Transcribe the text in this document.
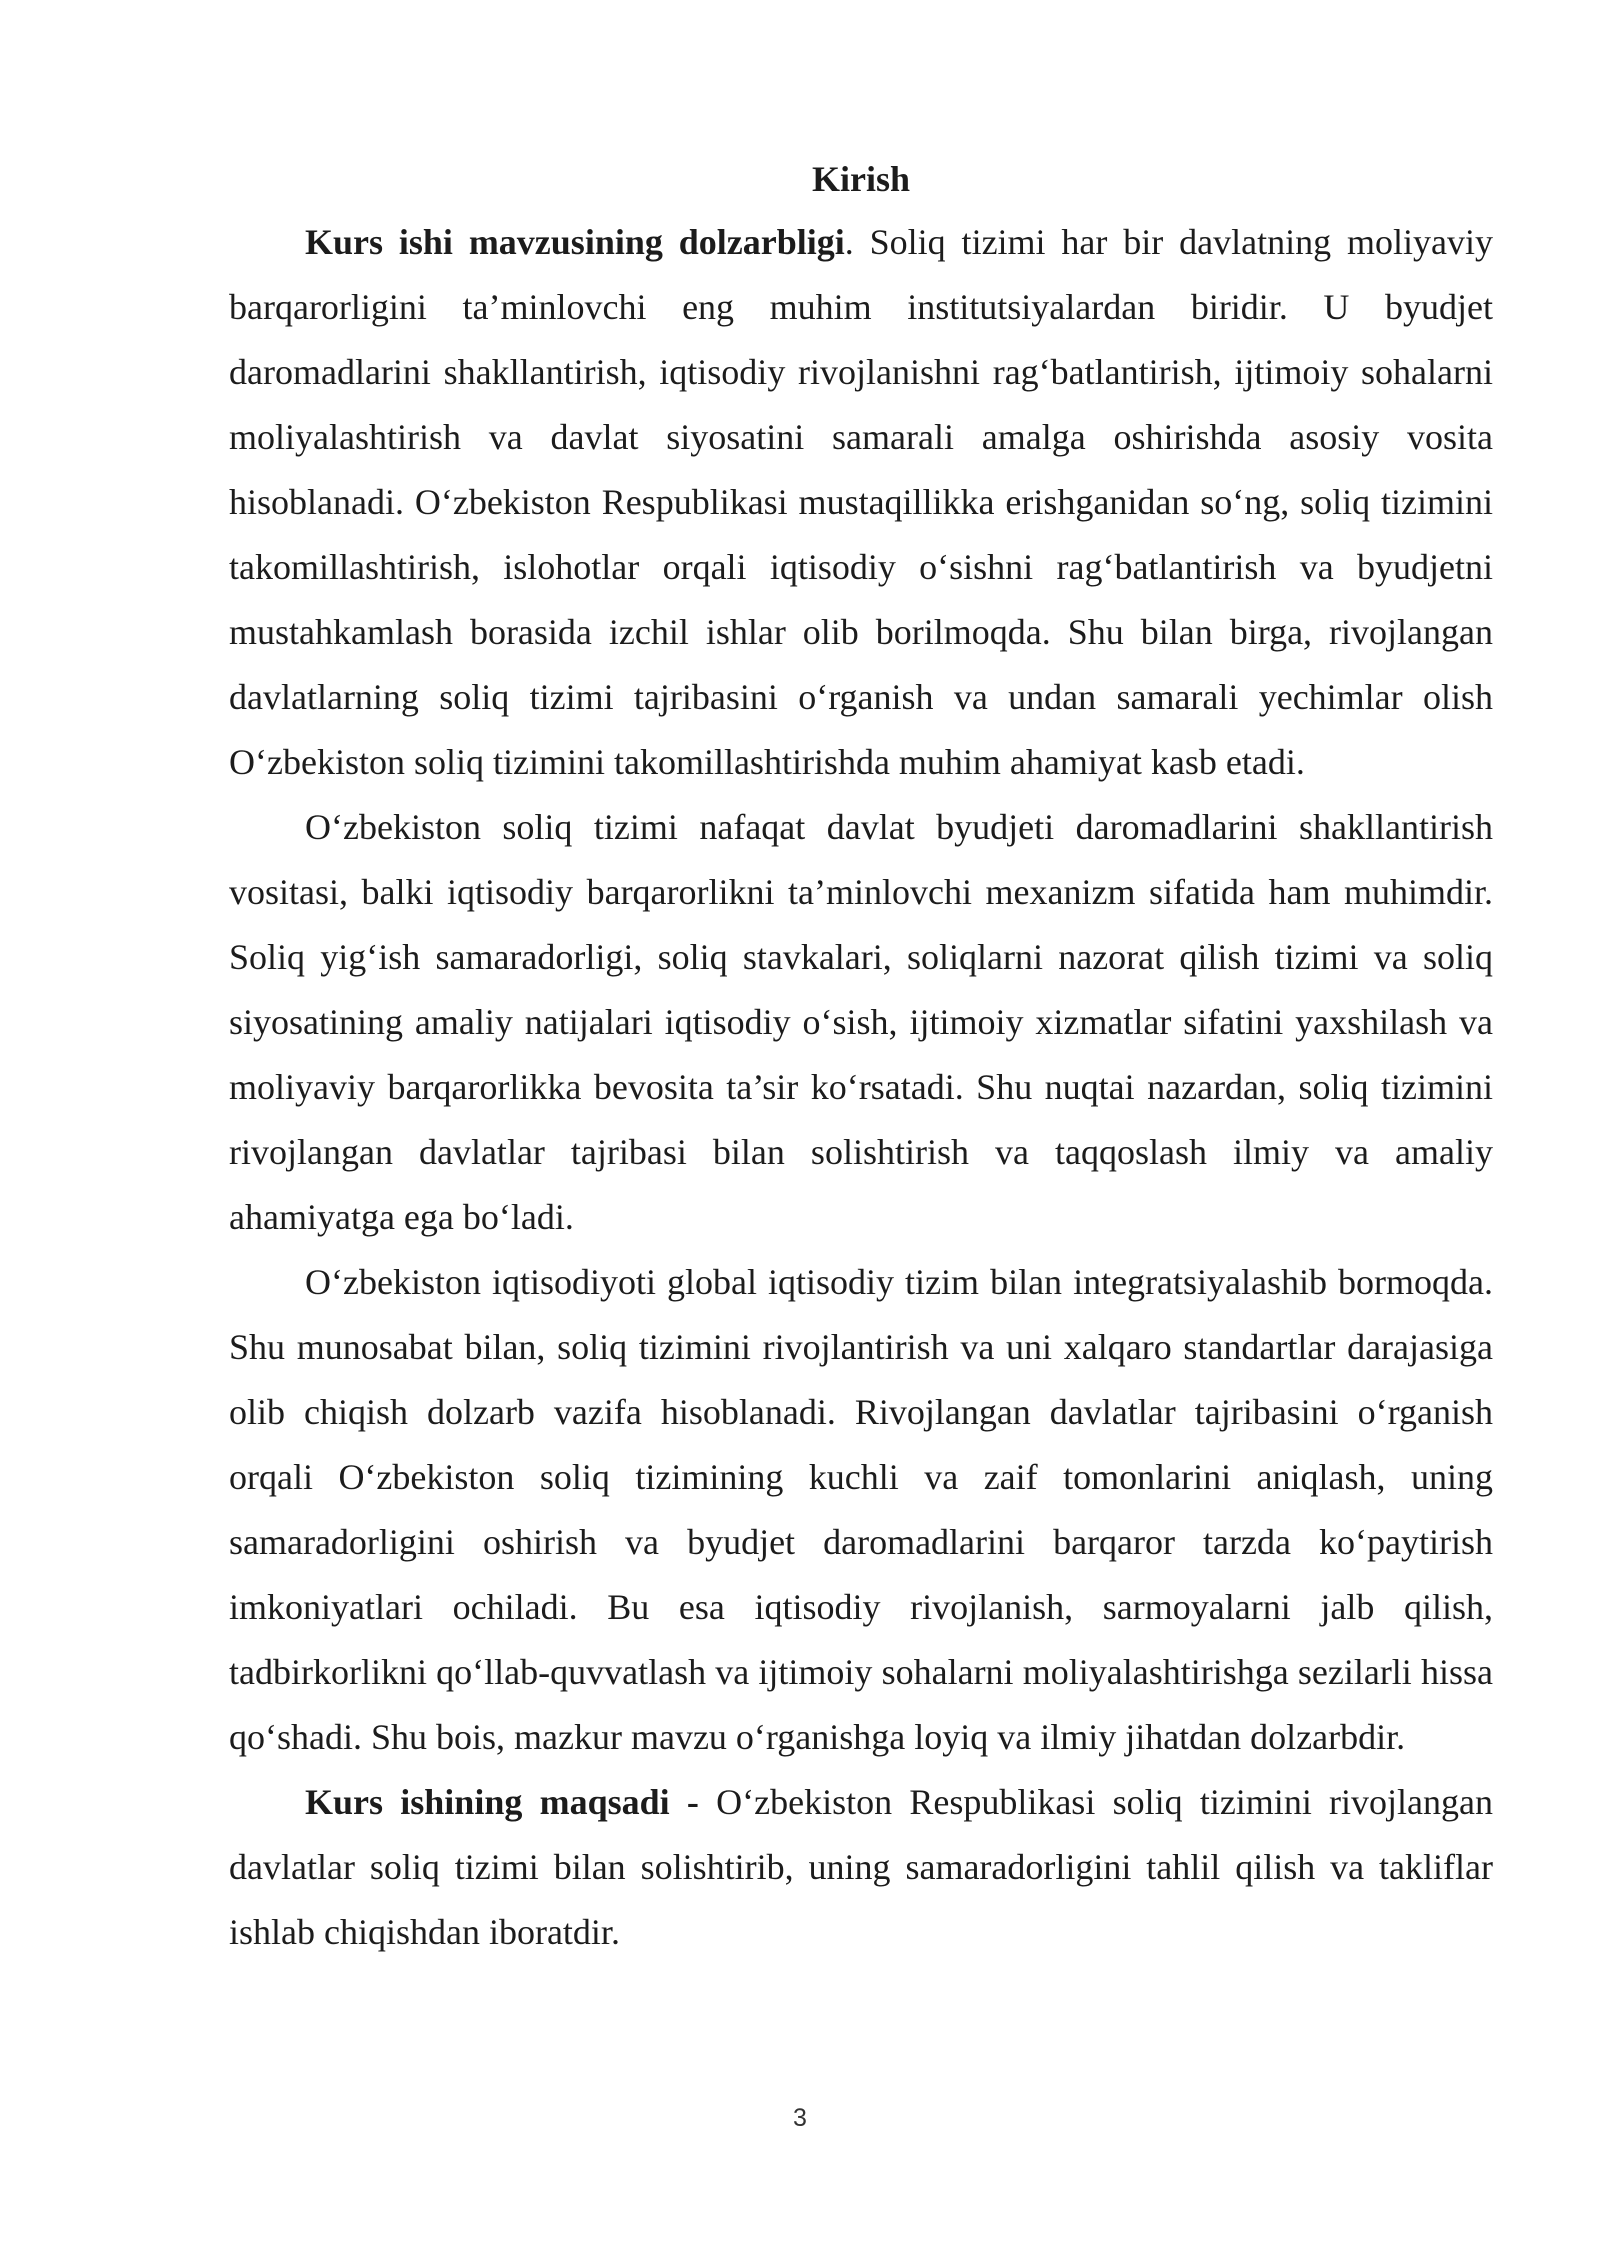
Kirish

Kurs ishi mavzusining dolzarbligi. Soliq tizimi har bir davlatning moliyaviy barqarorligini ta’minlovchi eng muhim institutsiyalardan biridir. U byudjet daromadlarini shakllantirish, iqtisodiy rivojlanishni rag‘batlantirish, ijtimoiy sohalarni moliyalashtirish va davlat siyosatini samarali amalga oshirishda asosiy vosita hisoblanadi. O‘zbekiston Respublikasi mustaqillikka erishganidan so‘ng, soliq tizimini takomillashtirish, islohotlar orqali iqtisodiy o‘sishni rag‘batlantirish va byudjetni mustahkamlash borasida izchil ishlar olib borilmoqda. Shu bilan birga, rivojlangan davlatlarning soliq tizimi tajribasini o‘rganish va undan samarali yechimlar olish O‘zbekiston soliq tizimini takomillashtirishda muhim ahamiyat kasb etadi.

O‘zbekiston soliq tizimi nafaqat davlat byudjeti daromadlarini shakllantirish vositasi, balki iqtisodiy barqarorlikni ta’minlovchi mexanizm sifatida ham muhimdir. Soliq yig‘ish samaradorligi, soliq stavkalari, soliqlarni nazorat qilish tizimi va soliq siyosatining amaliy natijalari iqtisodiy o‘sish, ijtimoiy xizmatlar sifatini yaxshilash va moliyaviy barqarorlikka bevosita ta’sir ko‘rsatadi. Shu nuqtai nazardan, soliq tizimini rivojlangan davlatlar tajribasi bilan solishtirish va taqqoslash ilmiy va amaliy ahamiyatga ega bo‘ladi.

O‘zbekiston iqtisodiyoti global iqtisodiy tizim bilan integratsiyalashib bormoqda. Shu munosabat bilan, soliq tizimini rivojlantirish va uni xalqaro standartlar darajasiga olib chiqish dolzarb vazifa hisoblanadi. Rivojlangan davlatlar tajribasini o‘rganish orqali O‘zbekiston soliq tizimining kuchli va zaif tomonlarini aniqlash, uning samaradorligini oshirish va byudjet daromadlarini barqaror tarzda ko‘paytirish imkoniyatlari ochiladi. Bu esa iqtisodiy rivojlanish, sarmoyalarni jalb qilish, tadbirkorlikni qo‘llab-quvvatlash va ijtimoiy sohalarni moliyalashtirishga sezilarli hissa qo‘shadi. Shu bois, mazkur mavzu o‘rganishga loyiq va ilmiy jihatdan dolzarbdir.

Kurs ishining maqsadi - O‘zbekiston Respublikasi soliq tizimini rivojlangan davlatlar soliq tizimi bilan solishtirib, uning samaradorligini tahlil qilish va takliflar ishlab chiqishdan iboratdir.

3
